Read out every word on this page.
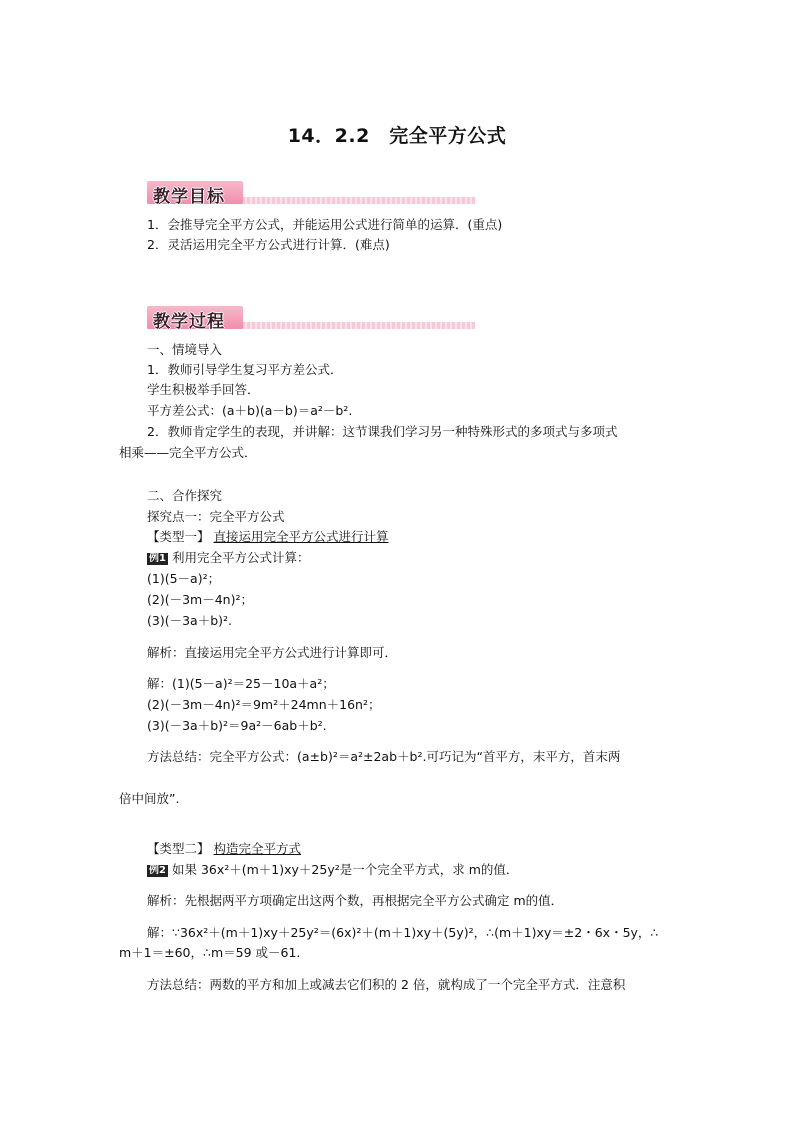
14．2.2　完全平方公式
教学目标
1．会推导完全平方公式，并能运用公式进行简单的运算．(重点)
2．灵活运用完全平方公式进行计算．(难点)
教学过程
一、情境导入
1．教师引导学生复习平方差公式．
学生积极举手回答．
平方差公式：(a＋b)(a－b)＝a²－b².
2．教师肯定学生的表现，并讲解：这节课我们学习另一种特殊形式的多项式与多项式
相乘——完全平方公式．
二、合作探究
探究点一：完全平方公式
【类型一】 直接运用完全平方公式进行计算
例1 利用完全平方公式计算：
(1)(5－a)²；
(2)(－3m－4n)²；
(3)(－3a＋b)².
解析：直接运用完全平方公式进行计算即可．
解：(1)(5－a)²＝25－10a＋a²；
(2)(－3m－4n)²＝9m²＋24mn＋16n²；
(3)(－3a＋b)²＝9a²－6ab＋b².
方法总结：完全平方公式：(a±b)²＝a²±2ab＋b².可巧记为“首平方，末平方，首末两
倍中间放”.
【类型二】 构造完全平方式
例2 如果 36x²＋(m＋1)xy＋25y²是一个完全平方式，求 m的值．
解析：先根据两平方项确定出这两个数，再根据完全平方公式确定 m的值．
解：∵36x²＋(m＋1)xy＋25y²＝(6x)²＋(m＋1)xy＋(5y)²，∴(m＋1)xy＝±2・6x・5y，∴
m＋1＝±60，∴m＝59 或－61.
方法总结：两数的平方和加上或减去它们积的 2 倍，就构成了一个完全平方式．注意积
